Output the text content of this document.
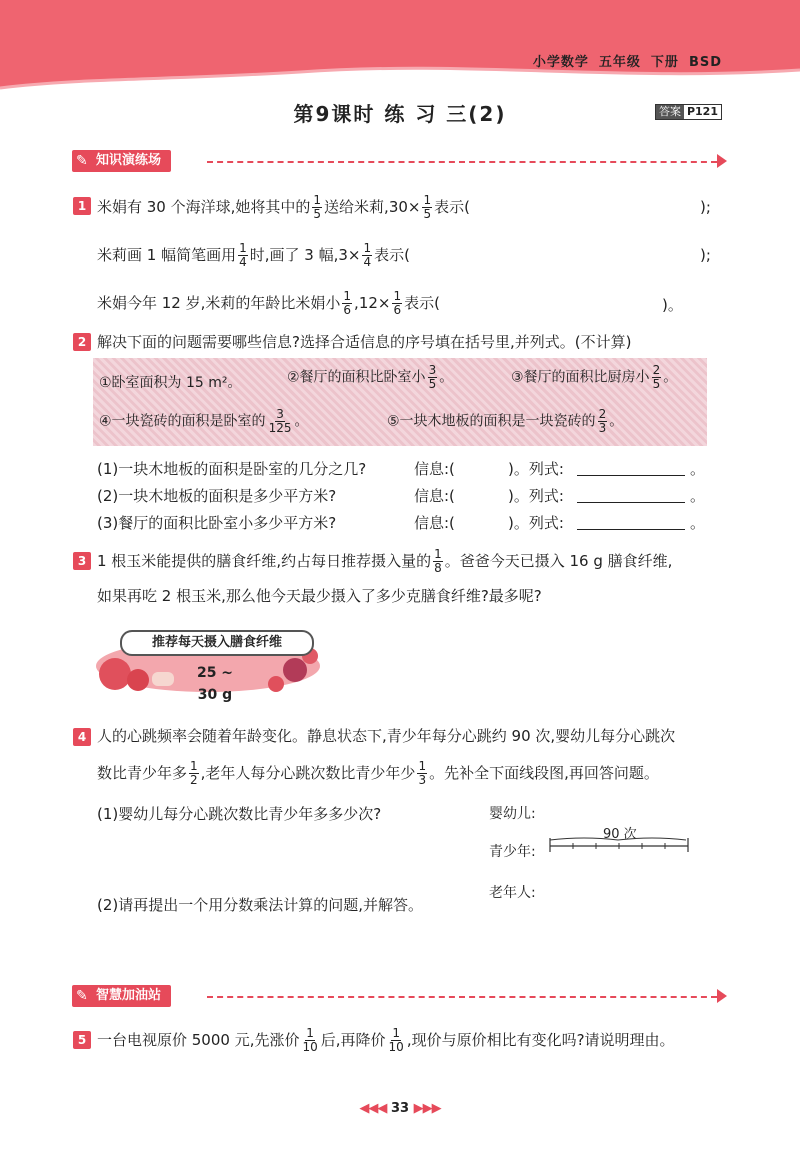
小学数学 五年级 下册 BSD
第9课时 练 习 三(2)	答案 P121
✎ 知识演练场
1 米娟有 30 个海洋球,她将其中的 $\frac{1}{5}$ 送给米莉$,30\times \frac{1}{5}$ 表示(	);
米莉画 1 幅简笔画用 $\frac{1}{4}$ 时,画了 3 幅$,3\times \frac{1}{4}$ 表示(	);
米娟今年 12 岁,米莉的年龄比米娟小 $\frac{1}{6} ,12\times \frac{1}{6}$ 表示(	)。
2 解决下面的问题需要哪些信息?选择合适信息的序号填在括号里,并列式。(不计算)
①卧室面积为 15 m²。	②餐厅的面积比卧室小 $\frac{3}{5}$ 。	③餐厅的面积比厨房小 $\frac{2}{5}$ 。
④一块瓷砖的面积是卧室的 $\frac{3}{125}$ 。	⑤一块木地板的面积是一块瓷砖的 $\frac{2}{3}$ 。
(1)一块木地板的面积是卧室的几分之几?	信息:(	)。列式:	。
(2)一块木地板的面积是多少平方米?	信息:(	)。列式:	。
(3)餐厅的面积比卧室小多少平方米?	信息:(	)。列式:	。
3 1 根玉米能提供的膳食纤维,约占每日推荐摄入量的 $\frac{1}{8}$ 。爸爸今天已摄入 16 g 膳食纤维,
如果再吃 2 根玉米,那么他今天最少摄入了多少克膳食纤维?最多呢?
推荐每天摄入膳食纤维
25 ~ 30 g
4 人的心跳频率会随着年龄变化。静息状态下,青少年每分心跳约 90 次,婴幼儿每分心跳次
数比青少年多 $\frac{1}{2}$ ,老年人每分心跳次数比青少年少 $\frac{1}{3}$ 。先补全下面线段图,再回答问题。
(1)婴幼儿每分心跳次数比青少年多多少次?	婴幼儿:
90 次
青少年:
老年人:
(2)请再提出一个用分数乘法计算的问题,并解答。
✎ 智慧加油站
5 一台电视原价 5000 元,先涨价 $\frac{1}{10}$ 后,再降价 $\frac{1}{10}$ ,现价与原价相比有变化吗?请说明理由。
◀◀◀ 33 ▶▶▶
